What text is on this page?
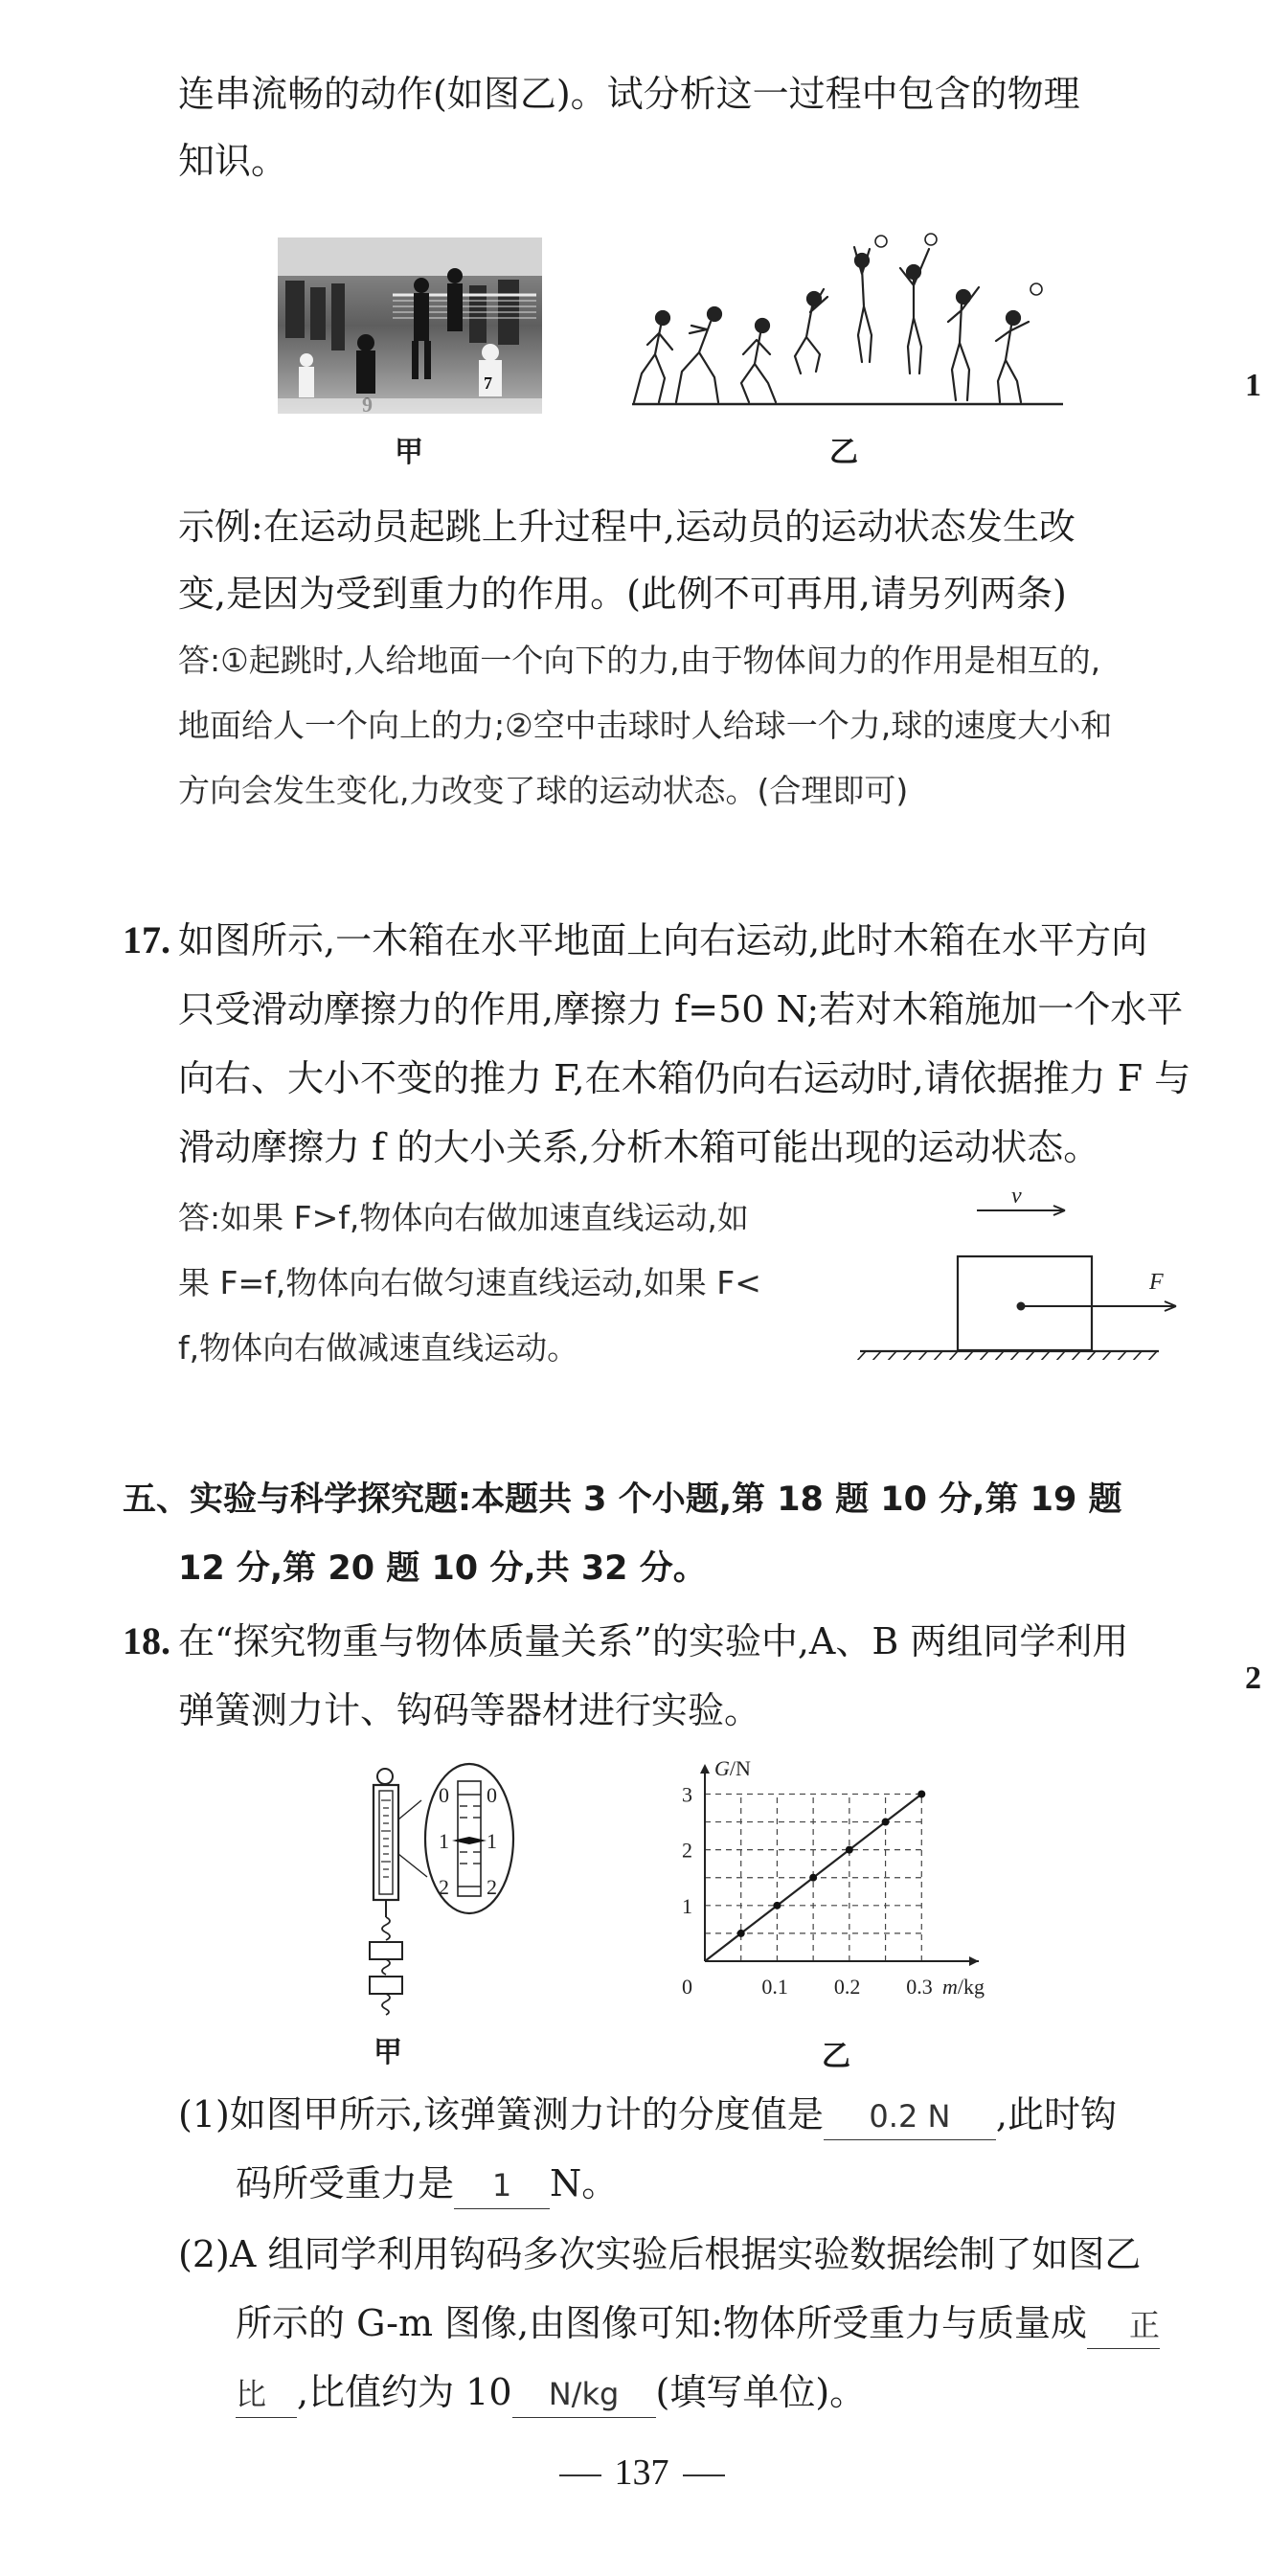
连串流畅的动作(如图乙)。试分析这一过程中包含的物理
知识。
7
甲	乙
示例:在运动员起跳上升过程中,运动员的运动状态发生改
变,是因为受到重力的作用。(此例不可再用,请另列两条)
答:①起跳时,人给地面一个向下的力,由于物体间力的作用是相互的,
地面给人一个向上的力;②空中击球时人给球一个力,球的速度大小和
方向会发生变化,力改变了球的运动状态。(合理即可)
17. 如图所示,一木箱在水平地面上向右运动,此时木箱在水平方向
只受滑动摩擦力的作用,摩擦力 f=50 N;若对木箱施加一个水平
向右、大小不变的推力 F,在木箱仍向右运动时,请依据推力 F 与
滑动摩擦力 f 的大小关系,分析木箱可能出现的运动状态。
答:如果 F>f,物体向右做加速直线运动,如
果 F=f,物体向右做匀速直线运动,如果 F<
f,物体向右做减速直线运动。
v
F
五、实验与科学探究题:本题共 3 个小题,第 18 题 10 分,第 19 题
12 分,第 20 题 10 分,共 32 分。
18. 在“探究物重与物体质量关系”的实验中,A、B 两组同学利用
弹簧测力计、钩码等器材进行实验。
0
1
2
0
1
2
甲
G/N
m/kg
0	0.1 0.2 0.3
1
2
3
乙
(1)如图甲所示,该弹簧测力计的分度值是 0.2 N ,此时钩
码所受重力是 1 N。
(2)A 组同学利用钩码多次实验后根据实验数据绘制了如图乙
所示的 G-m 图像,由图像可知:物体所受重力与质量成 正
比 ,比值约为 10 N/kg (填写单位)。
137
1
2
